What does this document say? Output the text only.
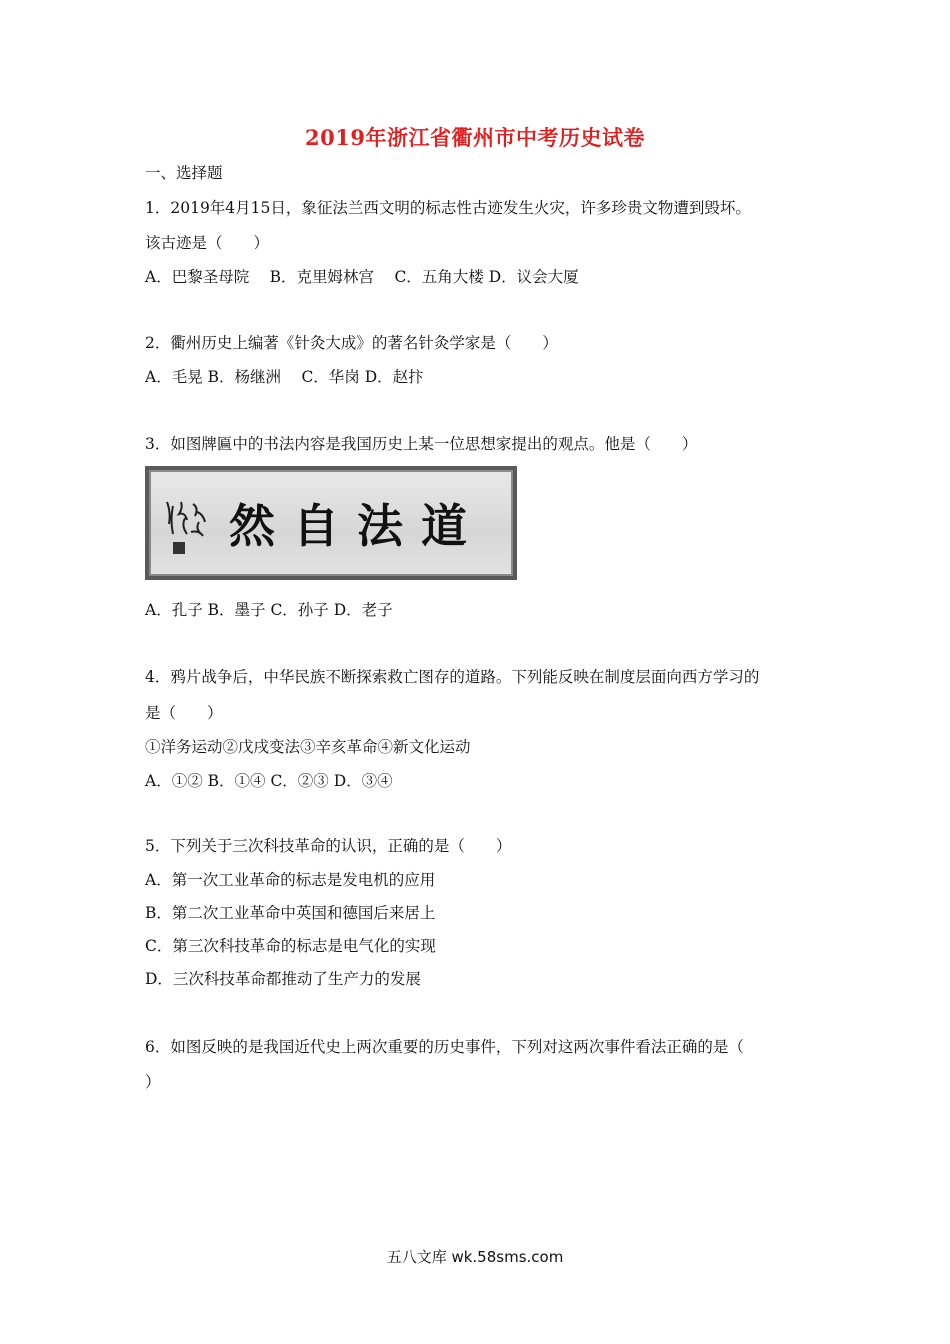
2019年浙江省衢州市中考历史试卷
一、选择题
1．2019年4月15日，象征法兰西文明的标志性古迹发生火灾，许多珍贵文物遭到毁坏。
该古迹是（　　）
A．巴黎圣母院　 B．克里姆林宫　 C．五角大楼 D．议会大厦
2．衢州历史上编著《针灸大成》的著名针灸学家是（　　）
A．毛晃 B．杨继洲　 C．华岗 D．赵抃
3．如图牌匾中的书法内容是我国历史上某一位思想家提出的观点。他是（　　）
然自法道
A．孔子 B．墨子 C．孙子 D．老子
4．鸦片战争后，中华民族不断探索救亡图存的道路。下列能反映在制度层面向西方学习的
是（　　）
①洋务运动②戊戌变法③辛亥革命④新文化运动
A．①② B．①④ C．②③ D．③④
5．下列关于三次科技革命的认识，正确的是（　　）
A．第一次工业革命的标志是发电机的应用
B．第二次工业革命中英国和德国后来居上
C．第三次科技革命的标志是电气化的实现
D．三次科技革命都推动了生产力的发展
6．如图反映的是我国近代史上两次重要的历史事件，下列对这两次事件看法正确的是（
）
五八文库 wk.58sms.com
